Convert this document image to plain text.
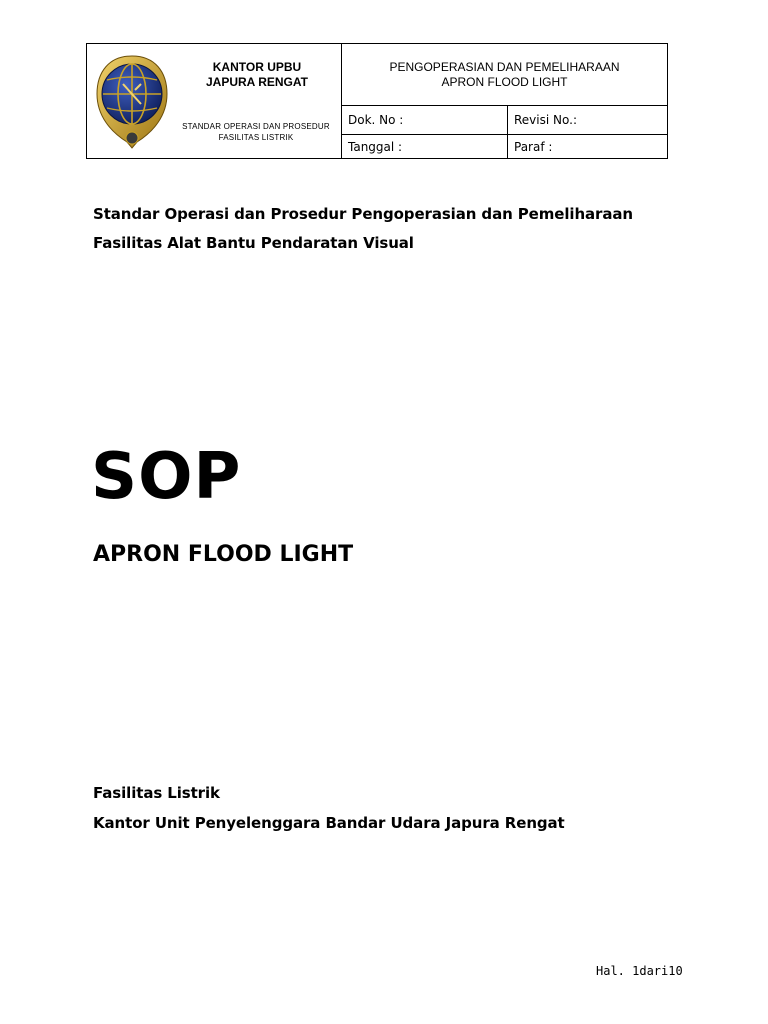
KANTOR UPBU
JAPURA RENGAT
STANDAR OPERASI DAN PROSEDUR
FASILITAS LISTRIK
PENGOPERASIAN DAN PEMELIHARAAN
APRON FLOOD LIGHT
Dok. No :	Revisi No.:
Tanggal :	Paraf :
Standar Operasi dan Prosedur Pengoperasian dan Pemeliharaan
Fasilitas Alat Bantu Pendaratan Visual
SOP
APRON FLOOD LIGHT
Fasilitas Listrik
Kantor Unit Penyelenggara Bandar Udara Japura Rengat
Hal. 1dari10
